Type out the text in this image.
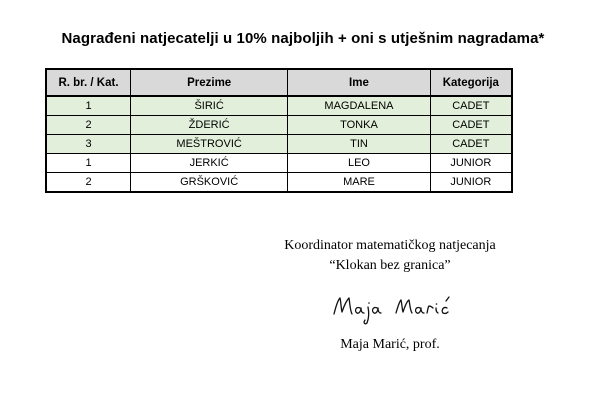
Nagrađeni natjecatelji u 10% najboljih + oni s utješnim nagradama*
R. br. / Kat.	Prezime	Ime	Kategorija
1	ŠIRIĆ	MAGDALENA	CADET
2	ŽDERIĆ	TONKA	CADET
3	MEŠTROVIĆ	TIN	CADET
1	JERKIĆ	LEO	JUNIOR
2	GRŠKOVIĆ	MARE	JUNIOR
Koordinator matematičkog natjecanja
“Klokan bez granica”
Maja Marić, prof.
